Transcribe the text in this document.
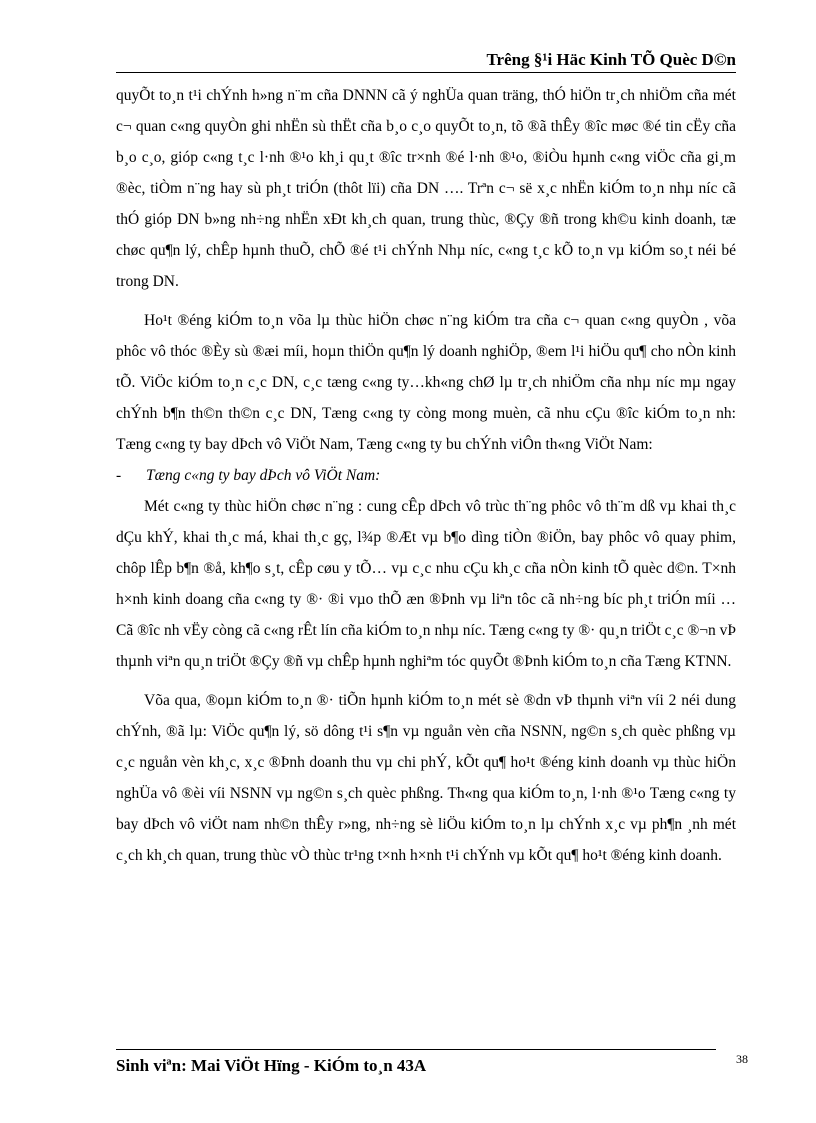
Trêng §¹i Häc Kinh TÕ Quèc D©n

quyÕt to¸n t¹i chÝnh h»ng n¨m cña DNNN cã ý nghÜa quan träng, thÓ hiÖn tr¸ch nhiÖm cña mét c¬ quan c«ng quyÒn ghi nhËn sù thËt cña b¸o c¸o quyÕt to¸n, tõ ®ã thÊy ®îc møc ®é tin cËy cña b¸o c¸o, gióp c«ng t¸c l·nh ®¹o kh¸i qu¸t ®îc tr×nh ®é l·nh ®¹o, ®iÒu hµnh c«ng viÖc cña gi¸m ®èc, tiÒm n¨ng hay sù ph¸t triÓn (thôt lïi) cña DN …. Trªn c¬ së x¸c nhËn kiÓm to¸n nhµ níc cã thÓ gióp DN b»ng nh÷ng nhËn xÐt kh¸ch quan, trung thùc, ®Çy ®ñ trong kh©u kinh doanh, tæ chøc qu¶n lý, chÊp hµnh thuÕ, chÕ ®é t¹i chÝnh Nhµ níc, c«ng t¸c kÕ to¸n vµ kiÓm so¸t néi bé trong DN.

Ho¹t ®éng kiÓm to¸n võa lµ thùc hiÖn chøc n¨ng kiÓm tra cña c¬ quan c«ng quyÒn , võa phôc vô thóc ®Èy sù ®æi míi, hoµn thiÖn qu¶n lý doanh nghiÖp, ®em l¹i hiÖu qu¶ cho nÒn kinh tÕ. ViÖc kiÓm to¸n c¸c DN, c¸c tæng c«ng ty…kh«ng chØ lµ tr¸ch nhiÖm cña nhµ níc mµ ngay chÝnh b¶n th©n th©n c¸c DN, Tæng c«ng ty còng mong muèn, cã nhu cÇu ®îc kiÓm to¸n nh: Tæng c«ng ty bay dÞch vô ViÖt Nam, Tæng c«ng ty bu chÝnh viÔn th«ng ViÖt Nam:

- Tæng c«ng ty bay dÞch vô ViÖt Nam:

Mét c«ng ty thùc hiÖn chøc n¨ng : cung cÊp dÞch vô trùc th¨ng phôc vô th¨m dß vµ khai th¸c dÇu khÝ, khai th¸c má, khai th¸c gç, l¾p ®Æt vµ b¶o dìng tiÒn ®iÖn, bay phôc vô quay phim, chôp lÊp b¶n ®å, kh¶o s¸t, cÊp cøu y tÕ… vµ c¸c nhu cÇu kh¸c cña nÒn kinh tÕ quèc d©n. T×nh h×nh kinh doang cña c«ng ty ®· ®i vµo thÕ æn ®Þnh vµ liªn tôc cã nh÷ng bíc ph¸t triÓn míi … Cã ®îc nh vËy còng cã c«ng rÊt lín cña kiÓm to¸n nhµ níc. Tæng c«ng ty ®· qu¸n triÖt c¸c ®¬n vÞ thµnh viªn qu¸n triÖt ®Çy ®ñ vµ chÊp hµnh nghiªm tóc quyÕt ®Þnh kiÓm to¸n cña Tæng KTNN.

Võa qua, ®oµn kiÓm to¸n ®· tiÕn hµnh kiÓm to¸n mét sè ®dn vÞ thµnh viªn víi 2 néi dung chÝnh, ®ã lµ: ViÖc qu¶n lý, sö dông t¹i s¶n vµ nguån vèn cña NSNN, ng©n s¸ch quèc phßng vµ c¸c nguån vèn kh¸c, x¸c ®Þnh doanh thu vµ chi phÝ, kÕt qu¶ ho¹t ®éng kinh doanh vµ thùc hiÖn nghÜa vô ®èi víi NSNN vµ ng©n s¸ch quèc phßng. Th«ng qua kiÓm to¸n, l·nh ®¹o Tæng c«ng ty bay dÞch vô viÖt nam nh©n thÊy r»ng, nh÷ng sè liÖu kiÓm to¸n lµ chÝnh x¸c vµ ph¶n ¸nh mét c¸ch kh¸ch quan, trung thùc vÒ thùc tr¹ng t×nh h×nh t¹i chÝnh vµ kÕt qu¶ ho¹t ®éng kinh doanh.

Sinh viªn: Mai ViÖt Hïng - KiÓm to¸n 43A	38
